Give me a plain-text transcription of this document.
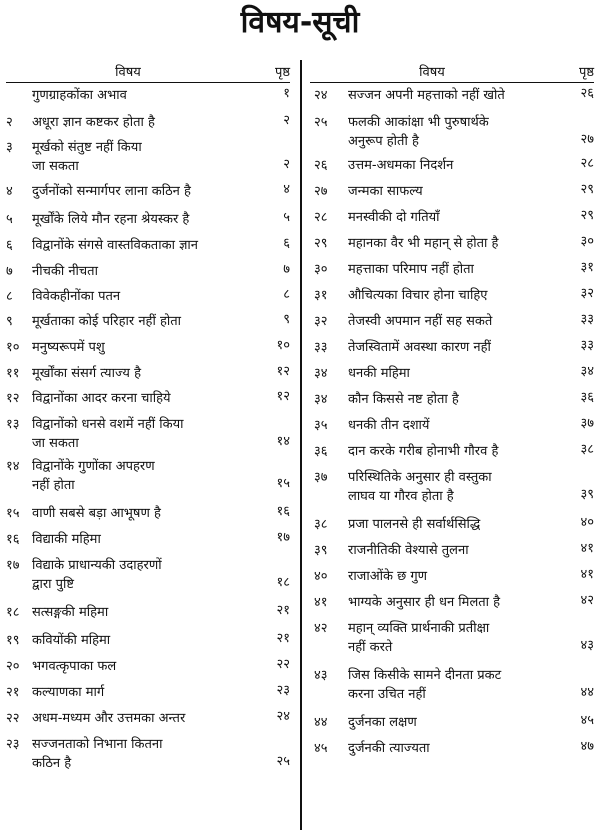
विषय-सूची
विषय	पृष्ठ
गुणग्राहकोंका अभाव	१
२	अधूरा ज्ञान कष्टकर होता है	२
३	मूर्खको संतुष्ट नहीं किया
जा सकता	२
४	दुर्जनोंको सन्मार्गपर लाना कठिन है	४
५	मूर्खोंके लिये मौन रहना श्रेयस्कर है	५
६	विद्वानोंके संगसे वास्तविकताका ज्ञान	६
७	नीचकी नीचता	७
८	विवेकहीनोंका पतन	८
९	मूर्खताका कोई परिहार नहीं होता	९
१० मनुष्यरूपमें पशु	१०
११ मूर्खोंका संसर्ग त्याज्य है	१२
१२ विद्वानोंका आदर करना चाहिये	१२
१३ विद्वानोंको धनसे वशमें नहीं किया
जा सकता	१४
१४ विद्वानोंके गुणोंका अपहरण
नहीं होता	१५
१५ वाणी सबसे बड़ा आभूषण है	१६
१६ विद्याकी महिमा	१७
१७ विद्याके प्राधान्यकी उदाहरणों
द्वारा पुष्टि	१८
१८ सत्सङ्गकी महिमा	२१
१९ कवियोंकी महिमा	२१
२० भगवत्कृपाका फल	२२
२१ कल्याणका मार्ग	२३
२२ अधम-मध्यम और उत्तमका अन्तर	२४
२३ सज्जनताको निभाना कितना
कठिन है	२५
विषय	पृष्ठ
२४	सज्जन अपनी महत्ताको नहीं खोते	२६
२५	फलकी आकांक्षा भी पुरुषार्थके
अनुरूप होती है	२७
२६	उत्तम-अधमका निदर्शन	२८
२७	जन्मका साफल्य	२९
२८	मनस्वीकी दो गतियाँ	२९
२९	महानका वैर भी महान् से होता है	३०
३०	महत्ताका परिमाप नहीं होता	३१
३१	औचित्यका विचार होना चाहिए	३२
३२	तेजस्वी अपमान नहीं सह सकते	३३
३३	तेजस्वितामें अवस्था कारण नहीं	३३
३४	धनकी महिमा	३४
३४	कौन किससे नष्ट होता है	३६
३५	धनकी तीन दशायें	३७
३६	दान करके गरीब होनाभी गौरव है	३८
३७	परिस्थितिके अनुसार ही वस्तुका
लाघव या गौरव होता है	३९
३८	प्रजा पालनसे ही सर्वार्थसिद्धि	४०
३९	राजनीतिकी वेश्यासे तुलना	४१
४०	राजाओंके छ गुण	४१
४१	भाग्यके अनुसार ही धन मिलता है	४२
४२	महान् व्यक्ति प्रार्थनाकी प्रतीक्षा
नहीं करते	४३
४३	जिस किसीके सामने दीनता प्रकट
करना उचित नहीं	४४
४४	दुर्जनका लक्षण	४५
४५	दुर्जनकी त्याज्यता	४७
